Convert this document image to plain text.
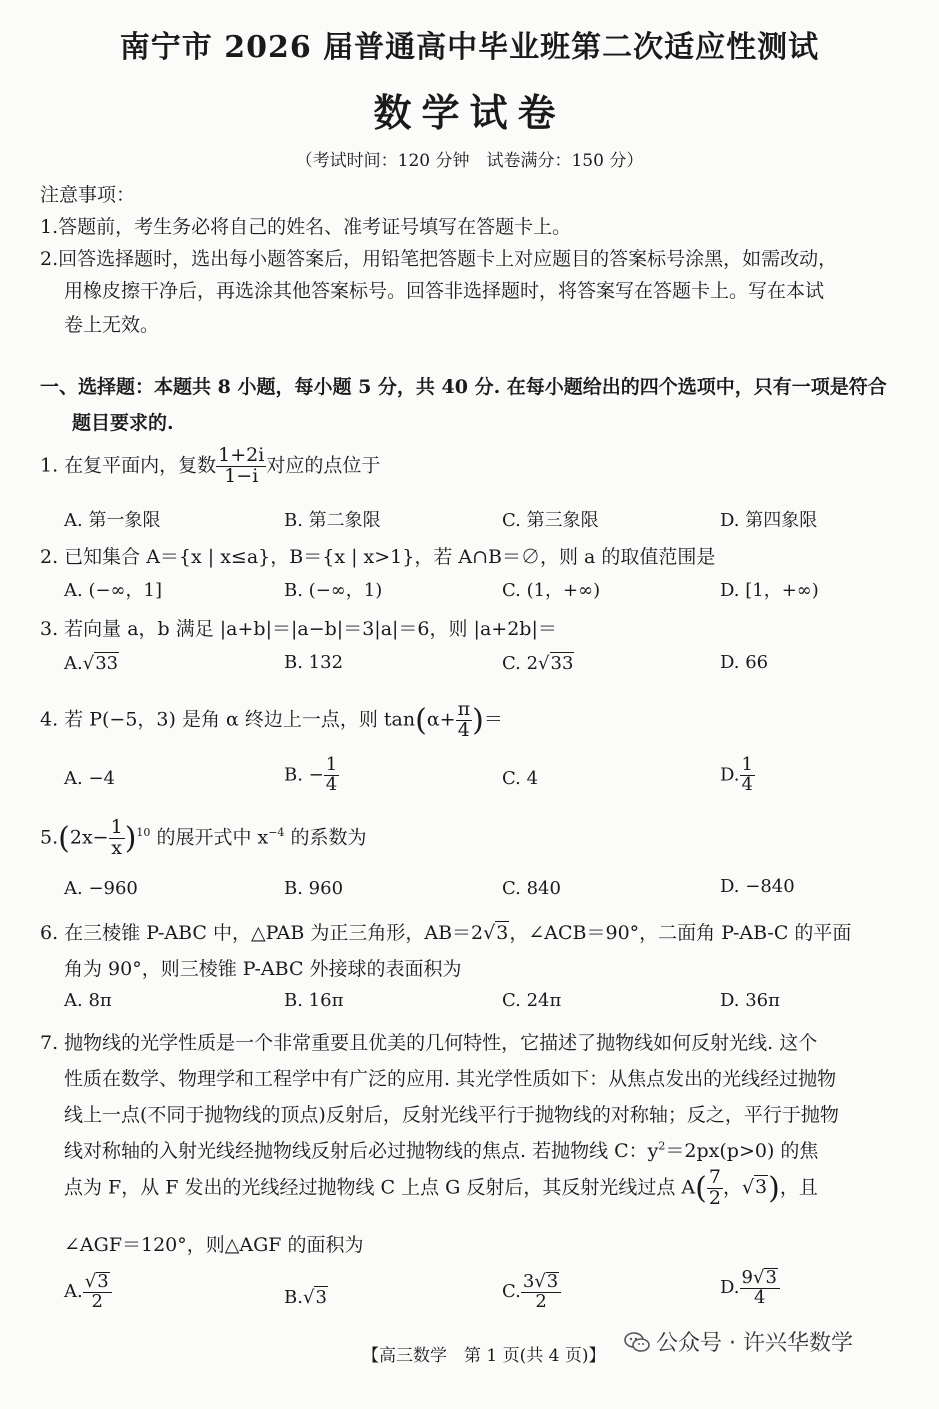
南宁市 2026 届普通高中毕业班第二次适应性测试
数学试卷
（考试时间：120 分钟　试卷满分：150 分）
注意事项：
1.答题前，考生务必将自己的姓名、准考证号填写在答题卡上。
2.回答选择题时，选出每小题答案后，用铅笔把答题卡上对应题目的答案标号涂黑，如需改动，
用橡皮擦干净后，再选涂其他答案标号。回答非选择题时，将答案写在答题卡上。写在本试
卷上无效。
一、选择题：本题共 8 小题，每小题 5 分，共 40 分. 在每小题给出的四个选项中，只有一项是符合
题目要求的.
1. 在复平面内，复数 $\frac{1+2i}{1-i}$ 对应的点位于
A. 第一象限	B. 第二象限	C. 第三象限	D. 第四象限
2. 已知集合 A＝{x | x≤a}，B＝{x | x>1}，若 A∩B＝∅，则 a 的取值范围是
A. (−∞，1]	B. (−∞，1)	C. (1，+∞)	D. [1，+∞)
3. 若向量 a，b 满足 |a+b|＝|a−b|＝3|a|＝6，则 |a+2b|＝
A.√33	B. 132	C. 2√33	D. 66
4. 若 P(−5，3) 是角 α 终边上一点，则 $\tan(\alpha+ \frac{\pi}{4}$ )＝
A. −4	B. − $\frac{1}{4}$	C. 4	D. $\frac{1}{4}$
$5.(2x- \frac{1}{x} )^{10}$ 的展开式中 $x^{-4}$ 的系数为
A. −960	B. 960	C. 840	D. −840
6. 在三棱锥 P-ABC 中，△PAB 为正三角形，AB＝2√3，∠ACB＝90°，二面角 P-AB-C 的平面
角为 90°，则三棱锥 P-ABC 外接球的表面积为
A. 8π	B. 16π	C. 24π	D. 36π
7. 抛物线的光学性质是一个非常重要且优美的几何特性，它描述了抛物线如何反射光线. 这个
性质在数学、物理学和工程学中有广泛的应用. 其光学性质如下：从焦点发出的光线经过抛物
线上一点(不同于抛物线的顶点)反射后，反射光线平行于抛物线的对称轴；反之，平行于抛物
线对称轴的入射光线经抛物线反射后必过抛物线的焦点. 若抛物线 C：$y^2=2px(p>0)$ 的焦
点为 F，从 F 发出的光线经过抛物线 C 上点 G 反射后，其反射光线过点 $A( \frac{7}{2}$ ，√3)，且
∠AGF＝120°，则△AGF 的面积为
A. $\frac{√3}{2}$	B.√3	C. $\frac{3√3}{2}$	D. $\frac{9√3}{4}$
【高三数学　第 1 页(共 4 页)】 公众号 · 许兴华数学
